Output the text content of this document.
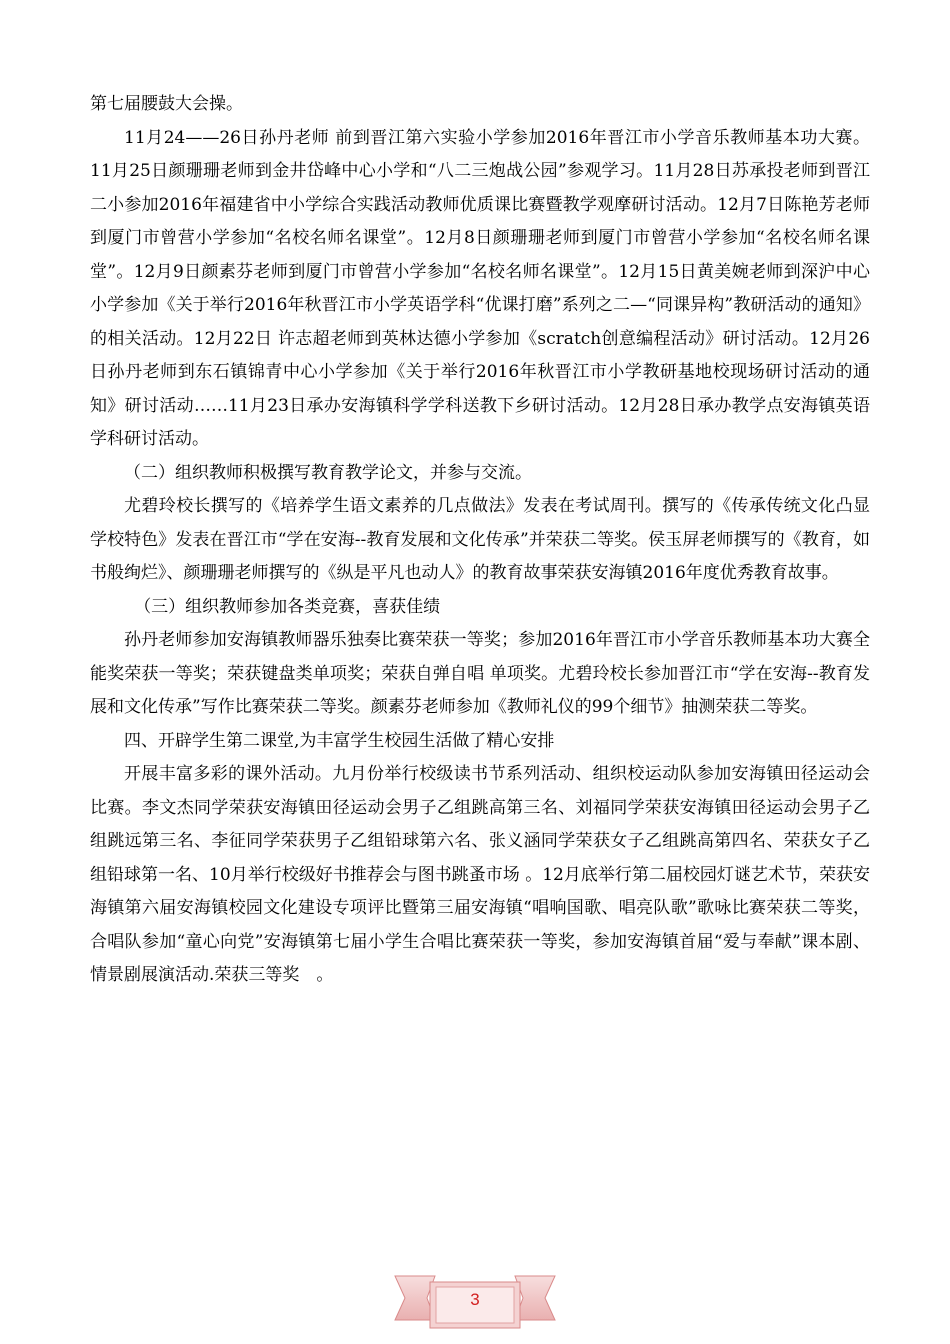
第七届腰鼓大会操。

11月24——26日孙丹老师 前到晋江第六实验小学参加2016年晋江市小学音乐教师基本功大赛。11月25日颜珊珊老师到金井岱峰中心小学和“八二三炮战公园”参观学习。11月28日苏承投老师到晋江二小参加2016年福建省中小学综合实践活动教师优质课比赛暨教学观摩研讨活动。12月7日陈艳芳老师到厦门市曾营小学参加“名校名师名课堂”。12月8日颜珊珊老师到厦门市曾营小学参加“名校名师名课堂”。12月9日颜素芬老师到厦门市曾营小学参加“名校名师名课堂”。12月15日黄美婉老师到深沪中心小学参加《关于举行2016年秋晋江市小学英语学科“优课打磨”系列之二—“同课异构”教研活动的通知》的相关活动。12月22日 许志超老师到英林达德小学参加《scratch创意编程活动》研讨活动。12月26日孙丹老师到东石镇锦青中心小学参加《关于举行2016年秋晋江市小学教研基地校现场研讨活动的通知》研讨活动……11月23日承办安海镇科学学科送教下乡研讨活动。12月28日承办教学点安海镇英语学科研讨活动。

（二）组织教师积极撰写教育教学论文，并参与交流。

尤碧玲校长撰写的《培养学生语文素养的几点做法》发表在考试周刊。撰写的《传承传统文化凸显学校特色》发表在晋江市“学在安海--教育发展和文化传承”并荣获二等奖。侯玉屏老师撰写的《教育，如书般绚烂》、颜珊珊老师撰写的《纵是平凡也动人》的教育故事荣获安海镇2016年度优秀教育故事。

（三）组织教师参加各类竞赛，喜获佳绩

孙丹老师参加安海镇教师器乐独奏比赛荣获一等奖；参加2016年晋江市小学音乐教师基本功大赛全能奖荣获一等奖；荣获键盘类单项奖；荣获自弹自唱 单项奖。尤碧玲校长参加晋江市“学在安海--教育发展和文化传承”写作比赛荣获二等奖。颜素芬老师参加《教师礼仪的99个细节》抽测荣获二等奖。

四、开辟学生第二课堂,为丰富学生校园生活做了精心安排

开展丰富多彩的课外活动。九月份举行校级读书节系列活动、组织校运动队参加安海镇田径运动会比赛。李文杰同学荣获安海镇田径运动会男子乙组跳高第三名、刘福同学荣获安海镇田径运动会男子乙组跳远第三名、李征同学荣获男子乙组铅球第六名、张义涵同学荣获女子乙组跳高第四名、荣获女子乙组铅球第一名、10月举行校级好书推荐会与图书跳蚤市场 。12月底举行第二届校园灯谜艺术节，荣获安海镇第六届安海镇校园文化建设专项评比暨第三届安海镇“唱响国歌、唱亮队歌”歌咏比赛荣获二等奖，合唱队参加“童心向党”安海镇第七届小学生合唱比赛荣获一等奖，参加安海镇首届“爱与奉献”课本剧、情景剧展演活动.荣获三等奖　。

3
